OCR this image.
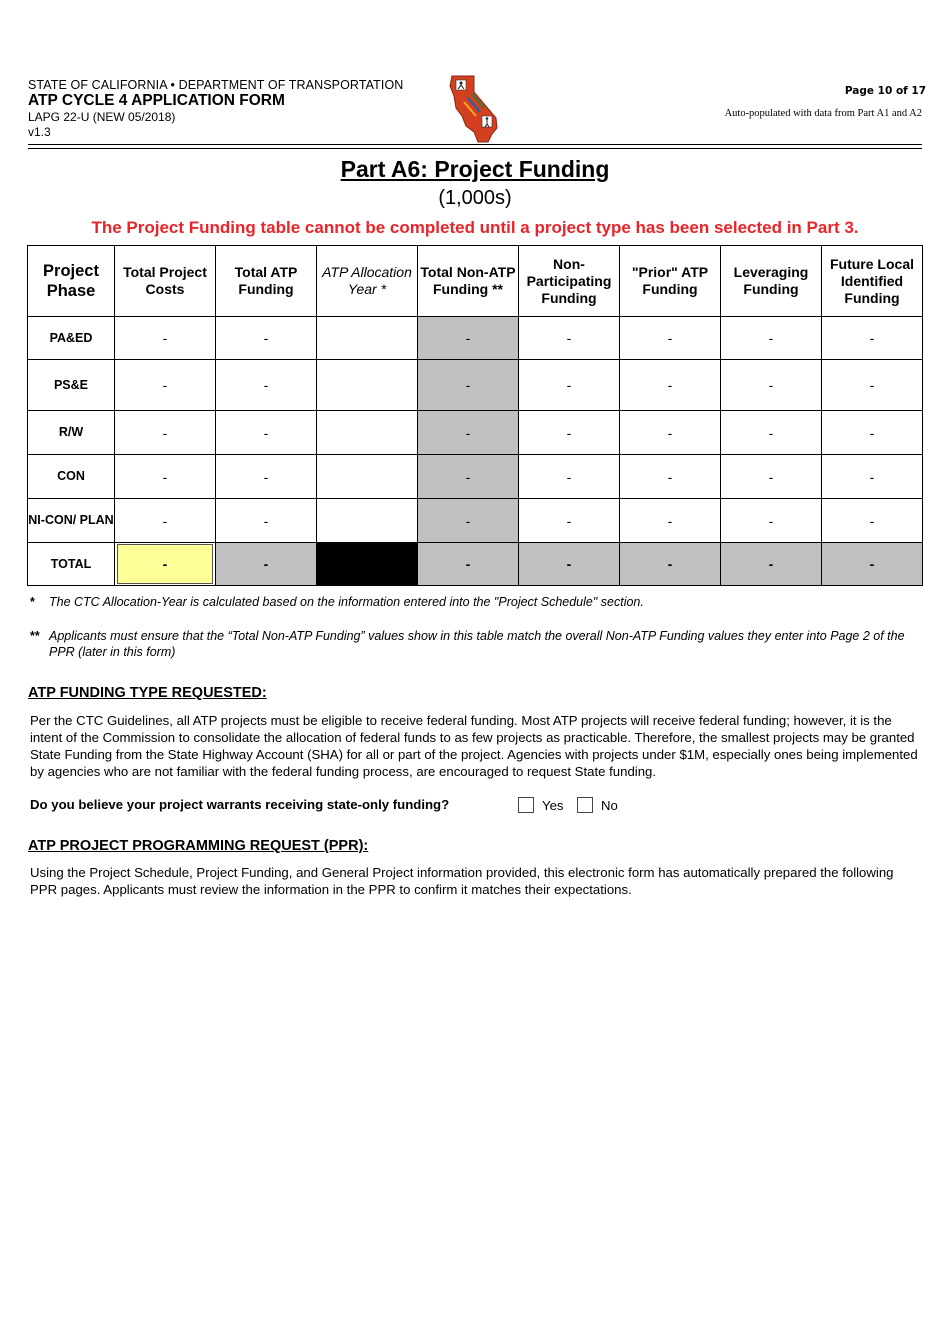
STATE OF CALIFORNIA • DEPARTMENT OF TRANSPORTATION
ATP CYCLE 4 APPLICATION FORM
LAPG 22-U (NEW 05/2018)
v1.3
Page 10 of 17
Auto-populated with data from Part A1 and A2
Part A6: Project Funding
(1,000s)
The Project Funding table cannot be completed until a project type has been selected in Part 3.
Project Phase	Total Project Costs	Total ATP Funding	ATP Allocation Year *	Total Non-ATP Funding **	Non-Participating Funding	"Prior" ATP Funding	Leveraging Funding	Future Local Identified Funding
PA&ED	-	-		-	-	-	-	-
PS&E	-	-		-	-	-	-	-
R/W	-	-		-	-	-	-	-
CON	-	-		-	-	-	-	-
NI-CON/ PLAN	-	-		-	-	-	-	-
TOTAL	-	-		-	-	-	-	-
* The CTC Allocation-Year is calculated based on the information entered into the "Project Schedule" section.
** Applicants must ensure that the “Total Non-ATP Funding” values show in this table match the overall Non-ATP Funding values they enter into Page 2 of the PPR (later in this form)
ATP FUNDING TYPE REQUESTED:
Per the CTC Guidelines, all ATP projects must be eligible to receive federal funding. Most ATP projects will receive federal funding; however, it is the intent of the Commission to consolidate the allocation of federal funds to as few projects as practicable. Therefore, the smallest projects may be granted State Funding from the State Highway Account (SHA) for all or part of the project. Agencies with projects under $1M, especially ones being implemented by agencies who are not familiar with the federal funding process, are encouraged to request State funding.
Do you believe your project warrants receiving state-only funding?	Yes	No
ATP PROJECT PROGRAMMING REQUEST (PPR):
Using the Project Schedule, Project Funding, and General Project information provided, this electronic form has automatically prepared the following PPR pages. Applicants must review the information in the PPR to confirm it matches their expectations.
